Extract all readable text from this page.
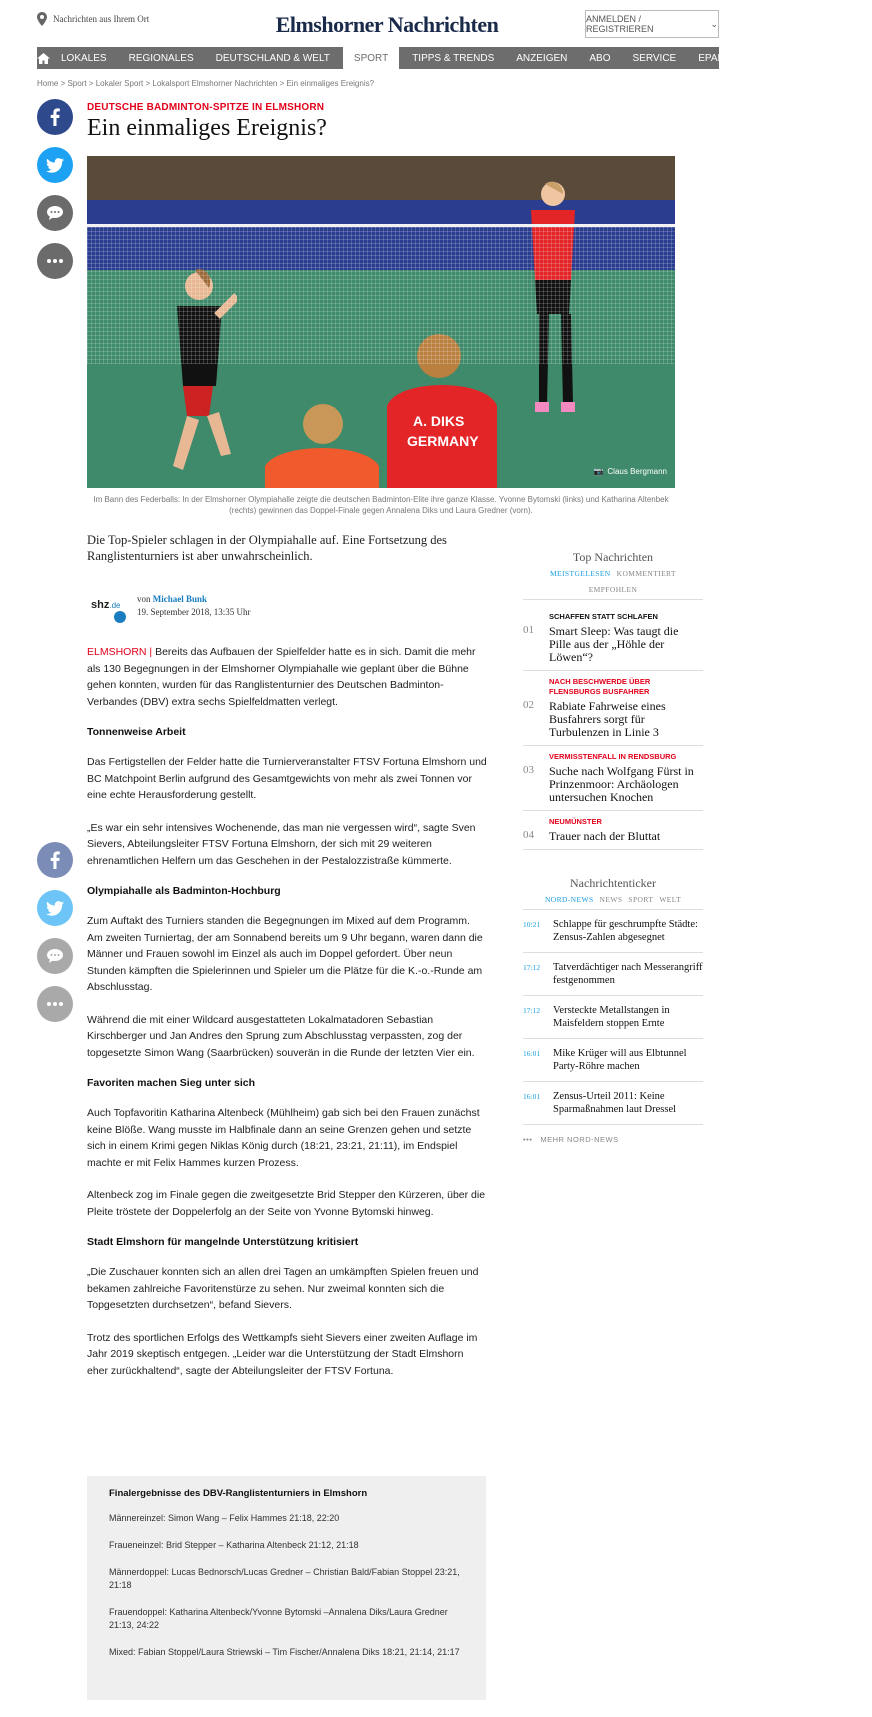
Nachrichten aus Ihrem Ort	Elmshorner Nachrichten	ANMELDEN / REGISTRIEREN
⌄
LOKALES	REGIONALES	DEUTSCHLAND & WELT	SPORT	TIPPS & TRENDS	ANZEIGEN	ABO	SERVICE	EPAPER
Home > Sport > Lokaler Sport > Lokalsport Elmshorner Nachrichten > Ein einmaliges Ereignis?
DEUTSCHE BADMINTON-SPITZE IN ELMSHORN
Ein einmaliges Ereignis?
A. DIKS
GERMANY
📷 Claus Bergmann
Im Bann des Federballs: In der Elmshorner Olympiahalle zeigte die deutschen Badminton-Elite ihre ganze Klasse. Yvonne Bytomski (links) und Katharina Altenbek (rechts) gewinnen das Doppel-Finale gegen Annalena Diks und Laura Gredner (vorn).
Die Top-Spieler schlagen in der Olympiahalle auf. Eine Fortsetzung des Ranglistenturniers ist aber unwahrscheinlich.
shz.de
von Michael Bunk
19. September 2018, 13:35 Uhr

ELMSHORN | Bereits das Aufbauen der Spielfelder hatte es in sich. Damit die mehr als 130 Begegnungen in der Elmshorner Olympiahalle wie geplant über die Bühne gehen konnten, wurden für das Ranglistenturnier des Deutschen Badminton-Verbandes (DBV) extra sechs Spielfeldmatten verlegt.

Tonnenweise Arbeit

Das Fertigstellen der Felder hatte die Turnierveranstalter FTSV Fortuna Elmshorn und BC Matchpoint Berlin aufgrund des Gesamtgewichts von mehr als zwei Tonnen vor eine echte Herausforderung gestellt.

„Es war ein sehr intensives Wochenende, das man nie vergessen wird“, sagte Sven Sievers, Abteilungsleiter FTSV Fortuna Elmshorn, der sich mit 29 weiteren ehrenamtlichen Helfern um das Geschehen in der Pestalozzistraße kümmerte.

Olympiahalle als Badminton-Hochburg

Zum Auftakt des Turniers standen die Begegnungen im Mixed auf dem Programm. Am zweiten Turniertag, der am Sonnabend bereits um 9 Uhr begann, waren dann die Männer und Frauen sowohl im Einzel als auch im Doppel gefordert. Über neun Stunden kämpften die Spielerinnen und Spieler um die Plätze für die K.-o.-Runde am Abschlusstag.

Während die mit einer Wildcard ausgestatteten Lokalmatadoren Sebastian Kirschberger und Jan Andres den Sprung zum Abschlusstag verpassten, zog der topgesetzte Simon Wang (Saarbrücken) souverän in die Runde der letzten Vier ein.

Favoriten machen Sieg unter sich

Auch Topfavoritin Katharina Altenbeck (Mühlheim) gab sich bei den Frauen zunächst keine Blöße. Wang musste im Halbfinale dann an seine Grenzen gehen und setzte sich in einem Krimi gegen Niklas König durch (18:21, 23:21, 21:11), im Endspiel machte er mit Felix Hammes kurzen Prozess.

Altenbeck zog im Finale gegen die zweitgesetzte Brid Stepper den Kürzeren, über die Pleite tröstete der Doppelerfolg an der Seite von Yvonne Bytomski hinweg.

Stadt Elmshorn für mangelnde Unterstützung kritisiert

„Die Zuschauer konnten sich an allen drei Tagen an umkämpften Spielen freuen und bekamen zahlreiche Favoritenstürze zu sehen. Nur zweimal konnten sich die Topgesetzten durchsetzen“, befand Sievers.

Trotz des sportlichen Erfolgs des Wettkampfs sieht Sievers einer zweiten Auflage im Jahr 2019 skeptisch entgegen. „Leider war die Unterstützung der Stadt Elmshorn eher zurückhaltend“, sagte der Abteilungsleiter der FTSV Fortuna.

Finalergebnisse des DBV-Ranglistenturniers in Elmshorn

Männereinzel: Simon Wang – Felix Hammes 21:18, 22:20

Fraueneinzel: Brid Stepper – Katharina Altenbeck 21:12, 21:18

Männerdoppel: Lucas Bednorsch/Lucas Gredner – Christian Bald/Fabian Stoppel 23:21, 21:18

Frauendoppel: Katharina Altenbeck/Yvonne Bytomski –Annalena Diks/Laura Gredner 21:13, 24:22

Mixed: Fabian Stoppel/Laura Striewski – Tim Fischer/Annalena Diks 18:21, 21:14, 21:17

Top Nachrichten
MEISTGELESEN KOMMENTIERT
EMPFOHLEN
01
SCHAFFEN STATT SCHLAFEN
Smart Sleep: Was taugt die Pille aus der „Höhle der Löwen“?
02
NACH BESCHWERDE ÜBER FLENSBURGS BUSFAHRER
Rabiate Fahrweise eines Busfahrers sorgt für Turbulenzen in Linie 3
03
VERMISSTENFALL IN RENDSBURG
Suche nach Wolfgang Fürst in Prinzenmoor: Archäologen untersuchen Knochen
04
NEUMÜNSTER
Trauer nach der Bluttat
Nachrichtenticker
NORD-NEWS NEWS SPORT WELT
10:21 Schlappe für geschrumpfte Städte: Zensus-Zahlen abgesegnet
17:12 Tatverdächtiger nach Messerangriff festgenommen
17:12 Versteckte Metallstangen in Maisfeldern stoppen Ernte
16:01 Mike Krüger will aus Elbtunnel Party-Röhre machen
16:01 Zensus-Urteil 2011: Keine Sparmaßnahmen laut Dressel
••• MEHR NORD-NEWS
